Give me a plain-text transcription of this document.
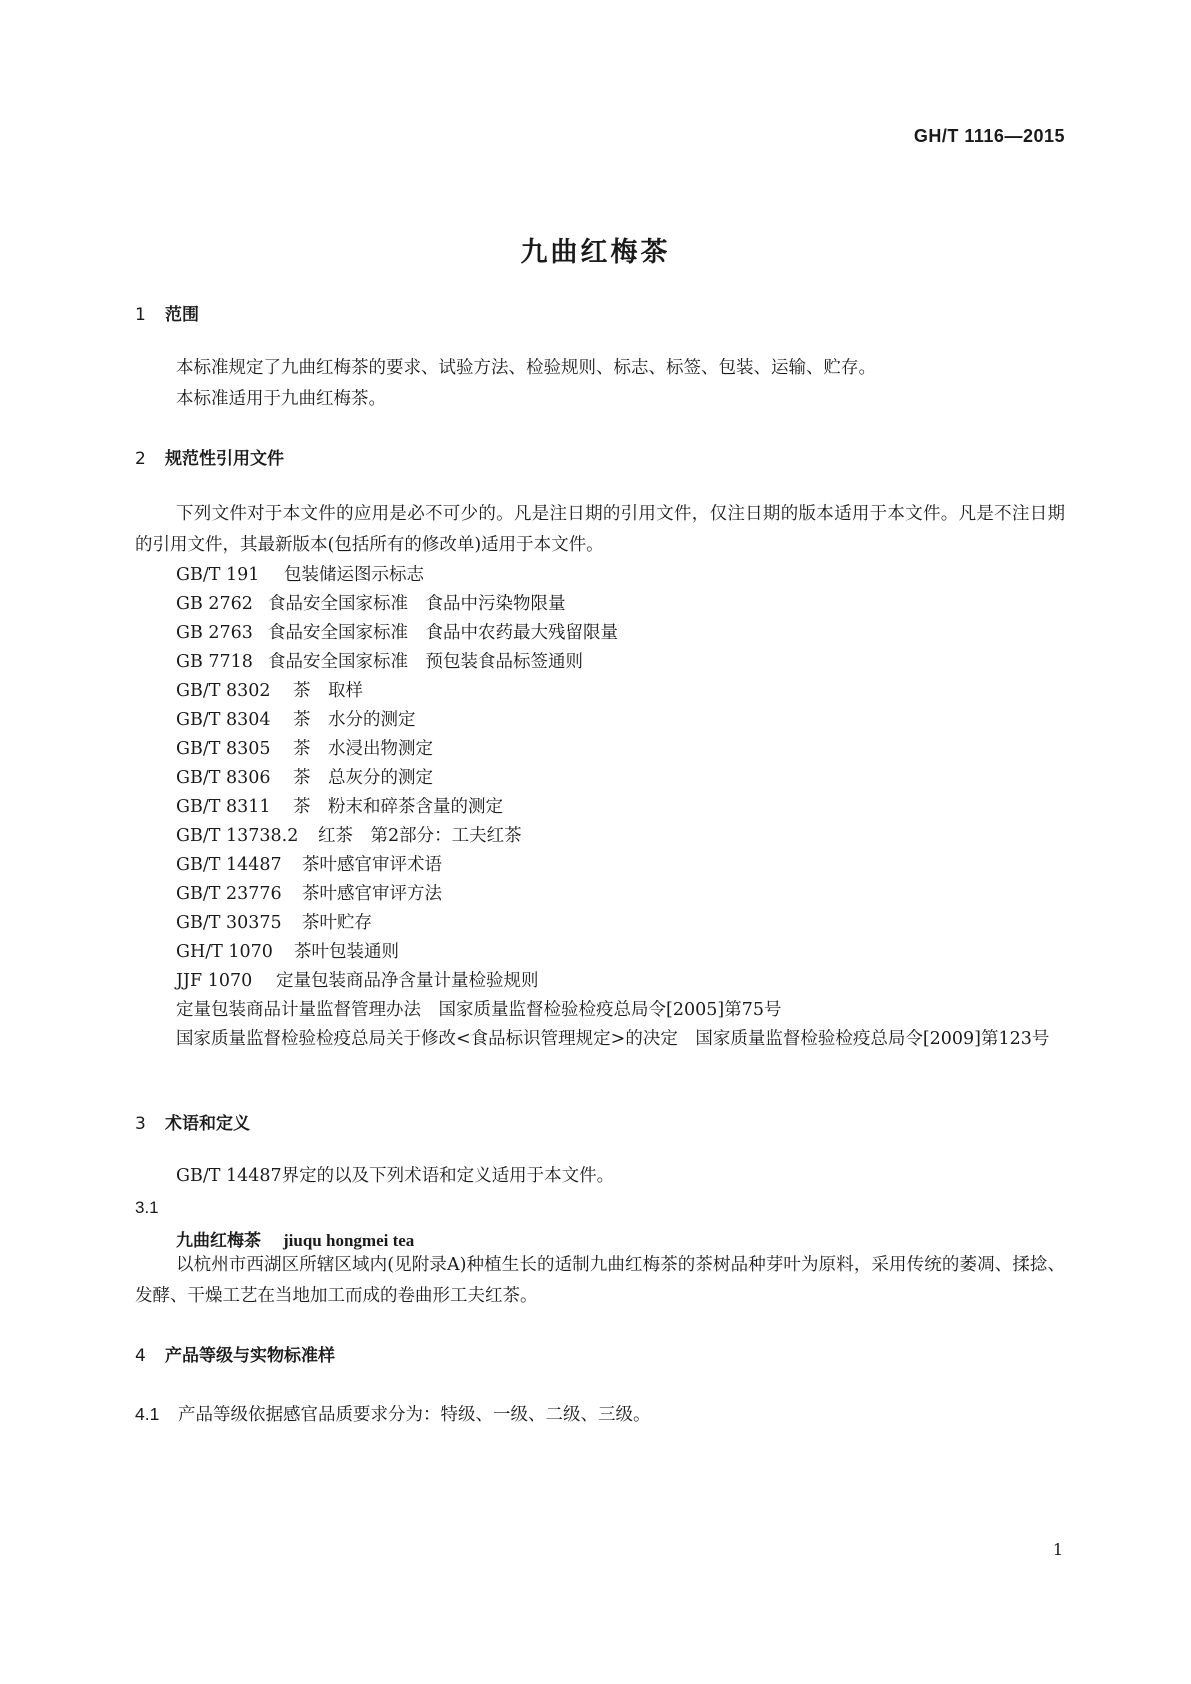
GH/T 1116—2015
九曲红梅茶
1 范围
本标准规定了九曲红梅茶的要求、试验方法、检验规则、标志、标签、包装、运输、贮存。
本标准适用于九曲红梅茶。
2 规范性引用文件
下列文件对于本文件的应用是必不可少的。凡是注日期的引用文件，仅注日期的版本适用于本文件。凡是不注日期的引用文件，其最新版本(包括所有的修改单)适用于本文件。
GB/T 191 包装储运图示标志
GB 2762 食品安全国家标准　食品中污染物限量
GB 2763 食品安全国家标准　食品中农药最大残留限量
GB 7718 食品安全国家标准　预包装食品标签通则
GB/T 8302 茶　取样
GB/T 8304 茶　水分的测定
GB/T 8305 茶　水浸出物测定
GB/T 8306 茶　总灰分的测定
GB/T 8311 茶　粉末和碎茶含量的测定
GB/T 13738.2 红茶　第2部分：工夫红茶
GB/T 14487 茶叶感官审评术语
GB/T 23776 茶叶感官审评方法
GB/T 30375 茶叶贮存
GH/T 1070 茶叶包装通则
JJF 1070 定量包装商品净含量计量检验规则
定量包装商品计量监督管理办法　国家质量监督检验检疫总局令[2005]第75号
国家质量监督检验检疫总局关于修改<食品标识管理规定>的决定　国家质量监督检验检疫总局令[2009]第123号
3 术语和定义
GB/T 14487界定的以及下列术语和定义适用于本文件。
3.1
九曲红梅茶 jiuqu hongmei tea
以杭州市西湖区所辖区域内(见附录A)种植生长的适制九曲红梅茶的茶树品种芽叶为原料，采用传统的萎凋、揉捻、发酵、干燥工艺在当地加工而成的卷曲形工夫红茶。
4 产品等级与实物标准样
4.1 产品等级依据感官品质要求分为：特级、一级、二级、三级。
1
